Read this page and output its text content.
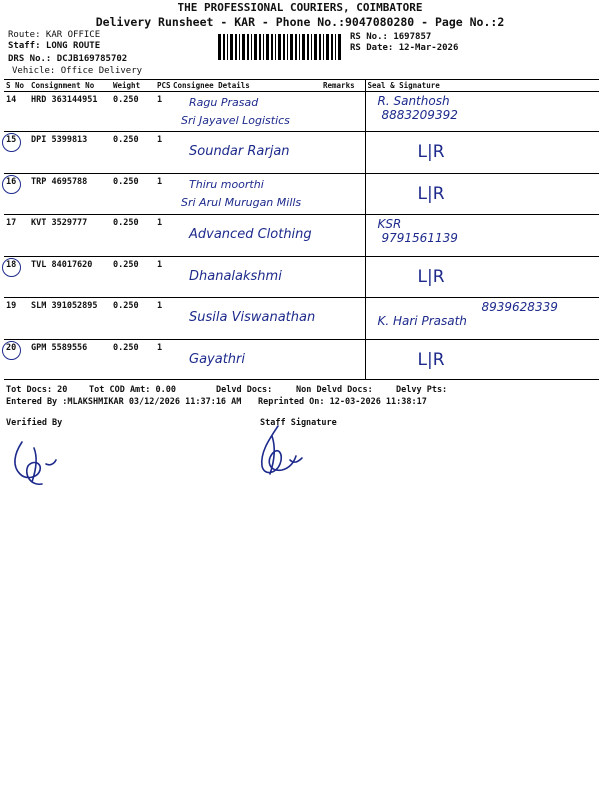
THE PROFESSIONAL COURIERS, COIMBATORE
Delivery Runsheet - KAR - Phone No.:9047080280 - Page No.:2
Route: KAR OFFICE
Staff: LONG ROUTE
DRS No.: DCJB169785702
Vehicle: Office Delivery
RS No.: 1697857
RS Date: 12-Mar-2026
S No	Consignment No	Weight	PCS	Consignee Details	Remarks	Seal & Signature
14	HRD 363144951	0.250	1	Ragu Prasad
Sri Jayavel Logistics		R. Santhosh
8883209392

15	DPI 5399813	0.250	1	Soundar Rarjan		L|R

16	TRP 4695788	0.250	1	Thiru moorthi
Sri Arul Murugan Mills		L|R

17	KVT 3529777	0.250	1	Advanced Clothing		KSR
9791561139

18	TVL 84017620	0.250	1	Dhanalakshmi		L|R

19	SLM 391052895	0.250	1	Susila Viswanathan		K. Hari Prasath
8939628339

20	GPM 5589556	0.250	1	Gayathri		L|R
Tot Docs: 20	Tot COD Amt: 0.00	Delvd Docs:	Non Delvd Docs:	Delvy Pts:
Entered By :MLAKSHMIKAR 03/12/2026 11:37:16 AM Reprinted On: 12-03-2026 11:38:17
Verified By	Staff Signature
